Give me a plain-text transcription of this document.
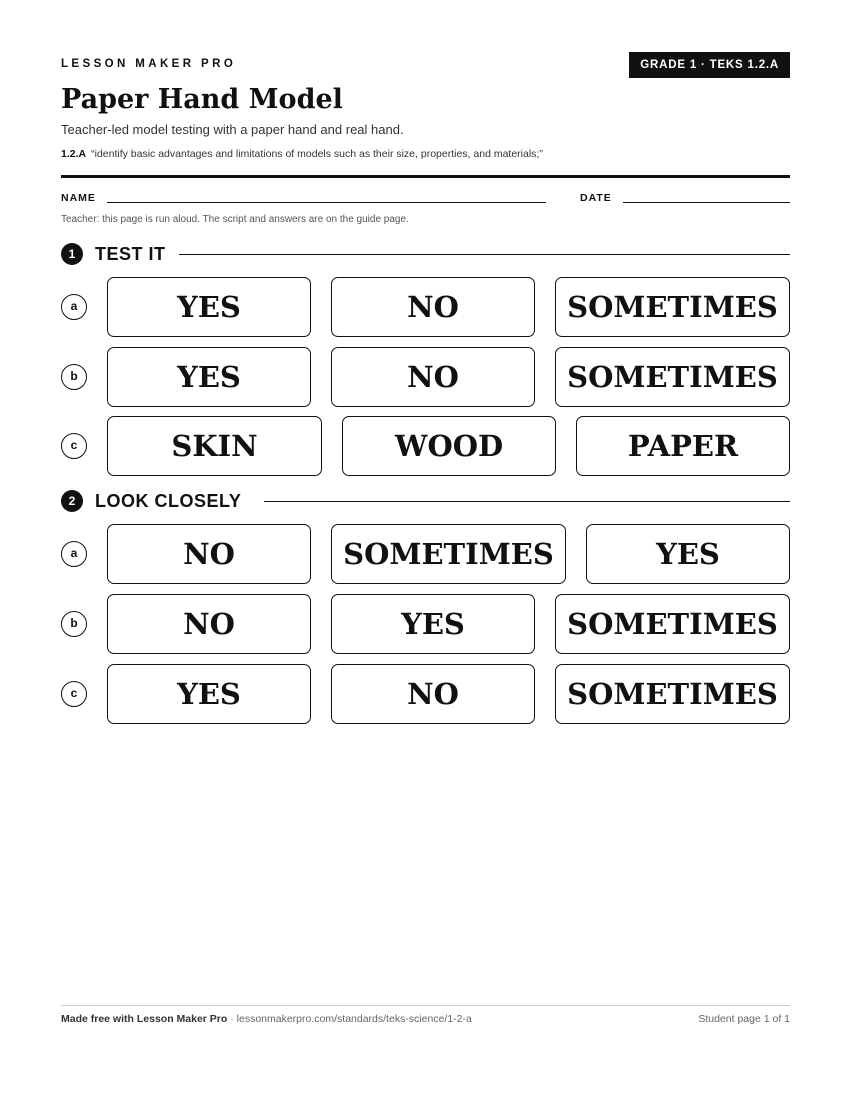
LESSON MAKER PRO	GRADE 1 · TEKS 1.2.A
Paper Hand Model
Teacher-led model testing with a paper hand and real hand.
1.2.A “identify basic advantages and limitations of models such as their size, properties, and materials;”
NAME	DATE
Teacher: this page is run aloud. The script and answers are on the guide page.
1	TEST IT
a	YES	NO	SOMETIMES
b	YES	NO	SOMETIMES
c	SKIN	WOOD	PAPER
2	LOOK CLOSELY
a	NO	SOMETIMES	YES
b	NO	YES	SOMETIMES
c	YES	NO	SOMETIMES
Made free with Lesson Maker Pro · lessonmakerpro.com/standards/teks-science/1-2-a	Student page 1 of 1
